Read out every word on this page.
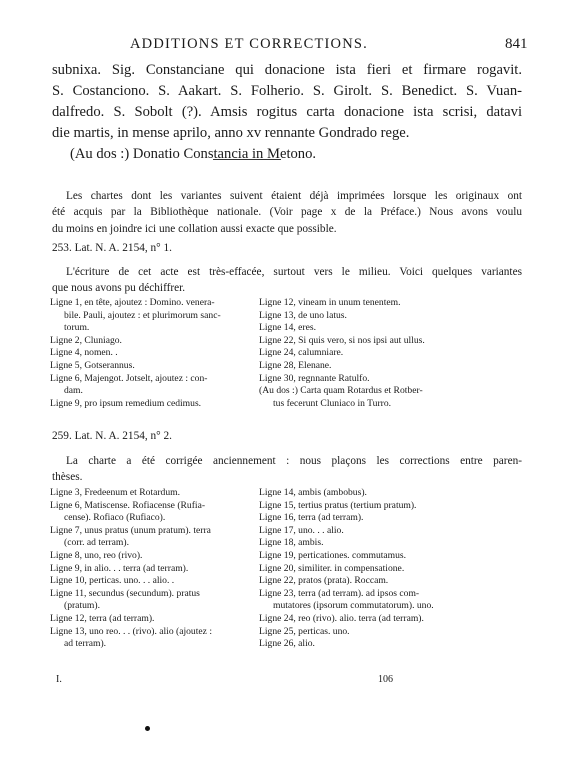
ADDITIONS ET CORRECTIONS.	841
subnixa. Sig. Constanciane qui donacione ista fieri et firmare rogavit.
S. Costanciono. S. Aakart. S. Folherio. S. Girolt. S. Benedict. S. Vuan-
dalfredo. S. Sobolt (?). Amsis rogitus carta donacione ista scrisi, datavi
die martis, in mense aprilo, anno xv rennante Gondrado rege.
(Au dos :) Donatio Constancia in Metono.
Les chartes dont les variantes suivent étaient déjà imprimées lorsque les originaux ont
été acquis par la Bibliothèque nationale. (Voir page x de la Préface.) Nous avons voulu
du moins en joindre ici une collation aussi exacte que possible.
253. Lat. N. A. 2154, n° 1.
L'écriture de cet acte est très-effacée, surtout vers le milieu. Voici quelques variantes
que nous avons pu déchiffrer.
Ligne 1, en tête, ajoutez : Domino. venera-
bile. Pauli, ajoutez : et plurimorum sanc-
torum.
Ligne 2, Cluniago.
Ligne 4, nomen. .
Ligne 5, Gotserannus.
Ligne 6, Majengot. Jotselt, ajoutez : con-
dam.
Ligne 9, pro ipsum remedium cedimus.
Ligne 12, vineam in unum tenentem.
Ligne 13, de uno latus.
Ligne 14, eres.
Ligne 22, Si quis vero, si nos ipsi aut ullus.
Ligne 24, calumniare.
Ligne 28, Elenane.
Ligne 30, regnnante Ratulfo.
(Au dos :) Carta quam Rotardus et Rotber-
tus fecerunt Cluniaco in Turro.
259. Lat. N. A. 2154, n° 2.
La charte a été corrigée anciennement : nous plaçons les corrections entre paren-
thèses.
Ligne 3, Fredeenum et Rotardum.
Ligne 6, Matiscense. Rofiacense (Rufia-
cense). Rofiaco (Rufiaco).
Ligne 7, unus pratus (unum pratum). terra
(corr. ad terram).
Ligne 8, uno, reo (rivo).
Ligne 9, in alio. . . terra (ad terram).
Ligne 10, perticas. uno. . . alio. .
Ligne 11, secundus (secundum). pratus
(pratum).
Ligne 12, terra (ad terram).
Ligne 13, uno reo. . . (rivo). alio (ajoutez :
ad terram).
Ligne 14, ambis (ambobus).
Ligne 15, tertius pratus (tertium pratum).
Ligne 16, terra (ad terram).
Ligne 17, uno. . . alio.
Ligne 18, ambis.
Ligne 19, perticationes. commutamus.
Ligne 20, similiter. in compensatione.
Ligne 22, pratos (prata). Roccam.
Ligne 23, terra (ad terram). ad ipsos com-
mutatores (ipsorum commutatorum). uno.
Ligne 24, reo (rivo). alio. terra (ad terram).
Ligne 25, perticas. uno.
Ligne 26, alio.
I.	106
